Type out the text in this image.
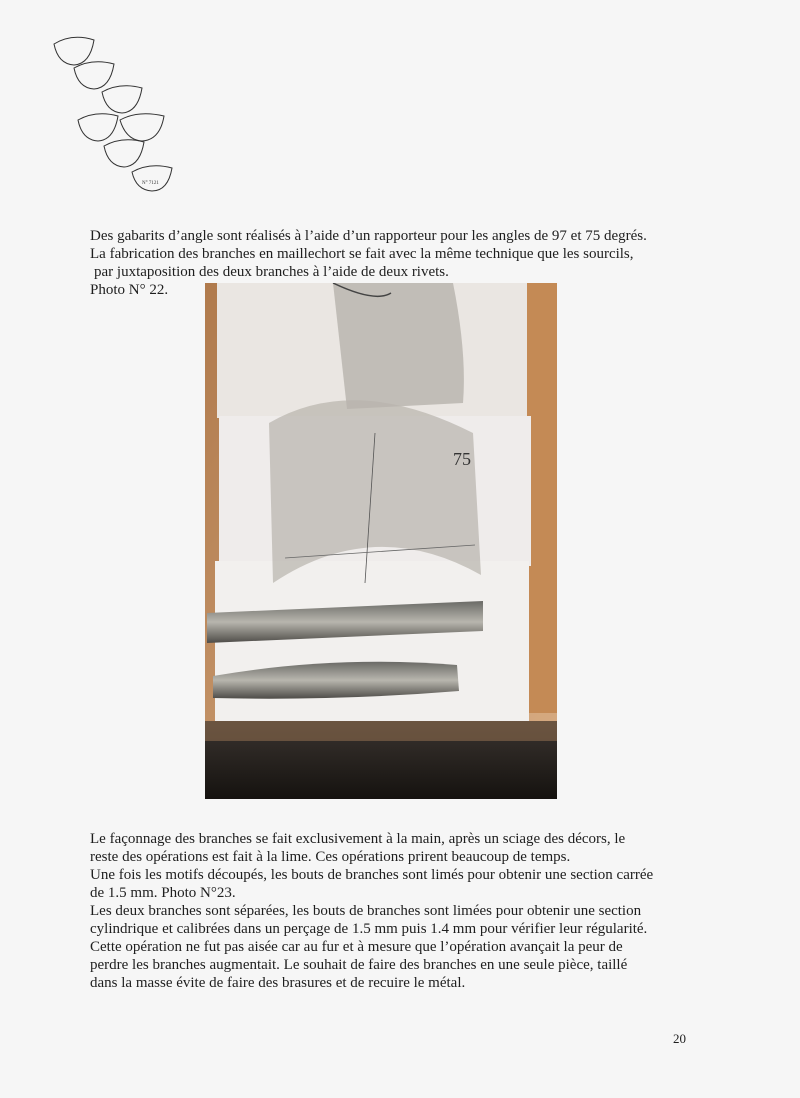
N° 7121
Des gabarits d’angle sont réalisés à l’aide d’un rapporteur pour les angles de 97 et 75 degrés.
La fabrication des branches en maillechort se fait avec la même technique que les sourcils,
par juxtaposition des deux branches à l’aide de deux rivets.
Photo N° 22.
75
Le façonnage des branches se fait exclusivement à la main, après un sciage des décors, le
reste des opérations est fait à la lime. Ces opérations prirent beaucoup de temps.
Une fois les motifs découpés, les bouts de branches sont limés pour obtenir une section carrée
de 1.5 mm. Photo N°23.
Les deux branches sont séparées, les bouts de branches sont limées pour obtenir une section
cylindrique et calibrées dans un perçage de 1.5 mm puis 1.4 mm pour vérifier leur régularité.
Cette opération ne fut pas aisée car au fur et à mesure que l’opération avançait la peur de
perdre les branches augmentait. Le souhait de faire des branches en une seule pièce, taillé
dans la masse évite de faire des brasures et de recuire le métal.
20
